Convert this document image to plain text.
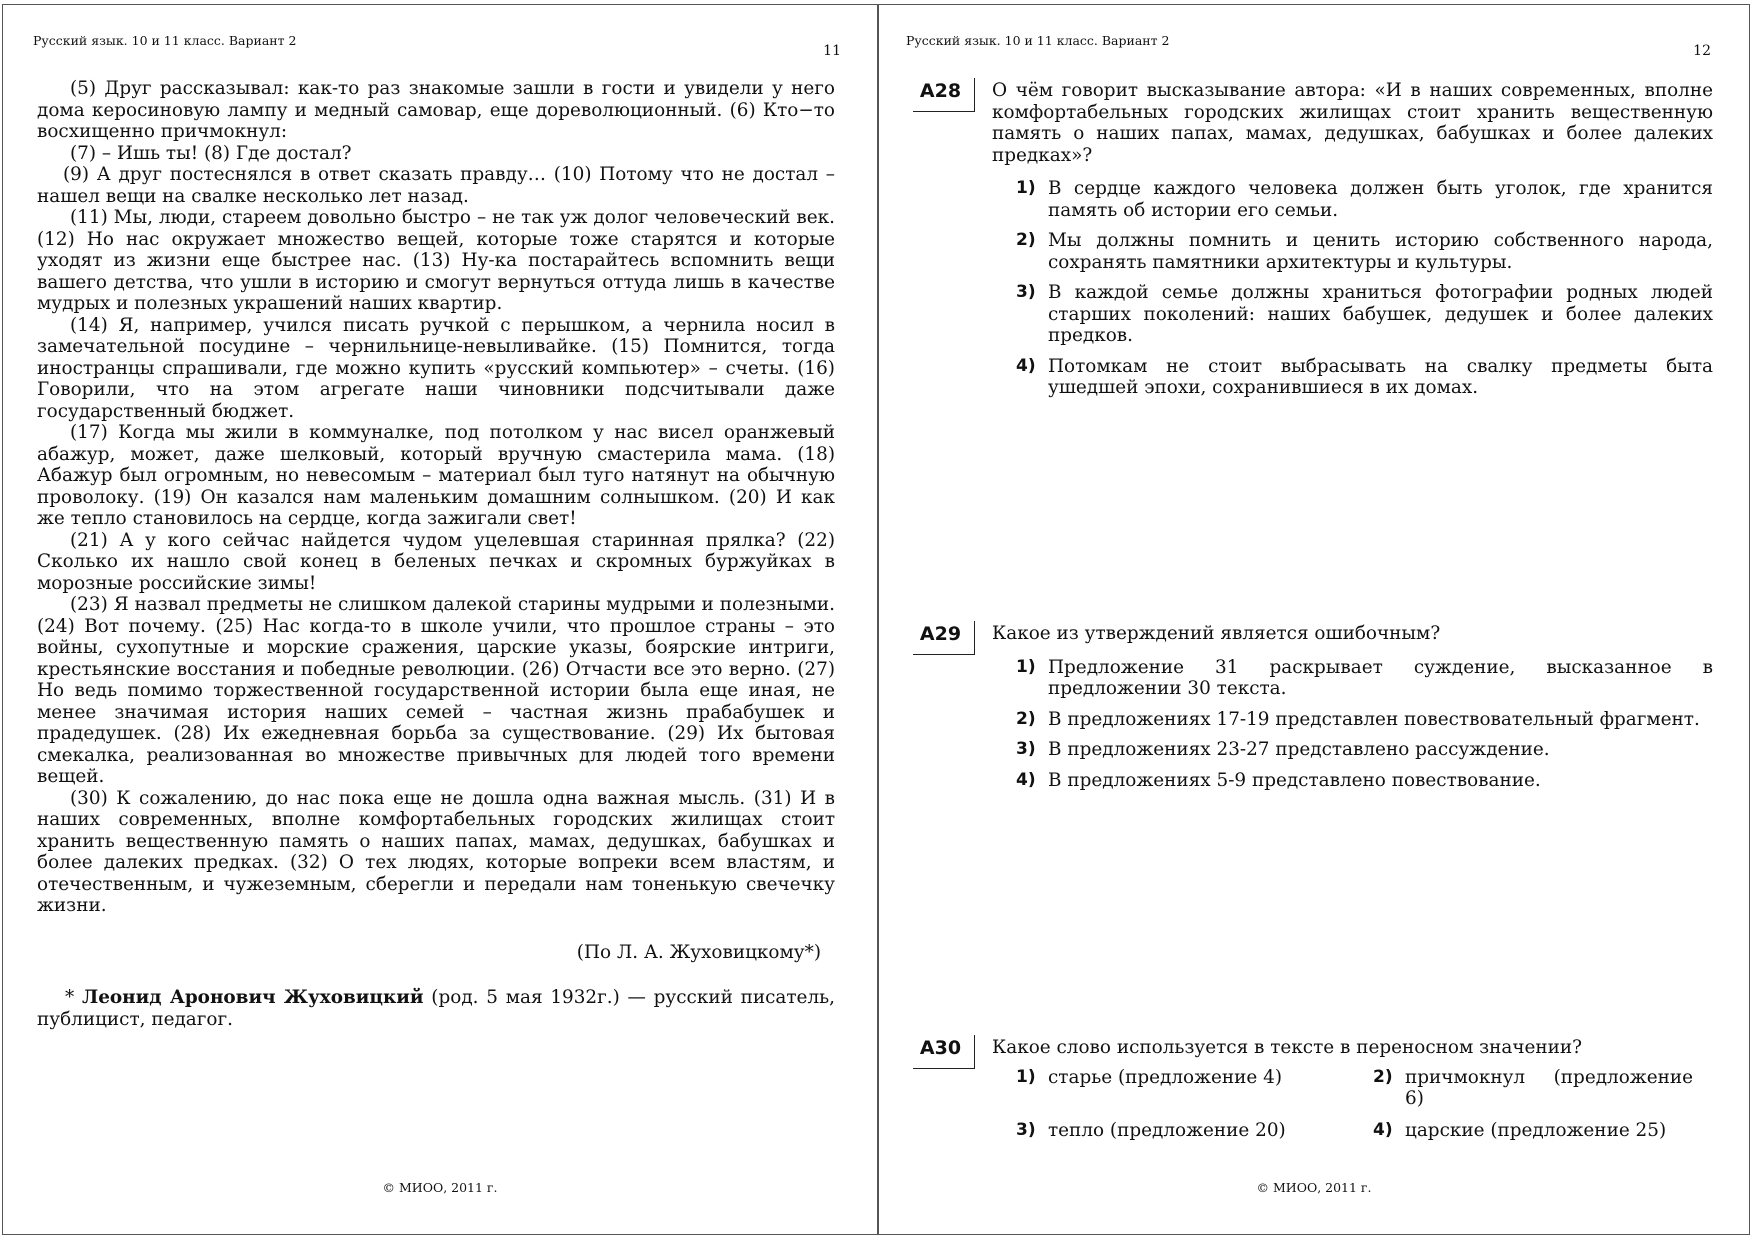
Русский язык. 10 и 11 класс. Вариант 2
11

(5) Друг рассказывал: как-то раз знакомые зашли в гости и увидели у него дома керосиновую лампу и медный самовар, еще дореволюционный. (6) Кто−то восхищенно причмокнул:

(7) – Ишь ты! (8) Где достал?

(9) А друг постеснялся в ответ сказать правду… (10) Потому что не достал – нашел вещи на свалке несколько лет назад.

(11) Мы, люди, стареем довольно быстро – не так уж долог человеческий век. (12) Но нас окружает множество вещей, которые тоже старятся и которые уходят из жизни еще быстрее нас. (13) Ну-ка постарайтесь вспомнить вещи вашего детства, что ушли в историю и смогут вернуться оттуда лишь в качестве мудрых и полезных украшений наших квартир.

(14) Я, например, учился писать ручкой с перышком, а чернила носил в замечательной посудине – чернильнице-невыливайке. (15) Помнится, тогда иностранцы спрашивали, где можно купить «русский компьютер» – счеты. (16) Говорили, что на этом агрегате наши чиновники подсчитывали даже государственный бюджет.

(17) Когда мы жили в коммуналке, под потолком у нас висел оранжевый абажур, может, даже шелковый, который вручную смастерила мама. (18) Абажур был огромным, но невесомым – материал был туго натянут на обычную проволоку. (19) Он казался нам маленьким домашним солнышком. (20) И как же тепло становилось на сердце, когда зажигали свет!

(21) А у кого сейчас найдется чудом уцелевшая старинная прялка? (22) Сколько их нашло свой конец в беленых печках и скромных буржуйках в морозные российские зимы!

(23) Я назвал предметы не слишком далекой старины мудрыми и полезными. (24) Вот почему. (25) Нас когда-то в школе учили, что прошлое страны – это войны, сухопутные и морские сражения, царские указы, боярские интриги, крестьянские восстания и победные революции. (26) Отчасти все это верно. (27) Но ведь помимо торжественной государственной истории была еще иная, не менее значимая история наших семей – частная жизнь прабабушек и прадедушек. (28) Их ежедневная борьба за существование. (29) Их бытовая смекалка, реализованная во множестве привычных для людей того времени вещей.

(30) К сожалению, до нас пока еще не дошла одна важная мысль. (31) И в наших современных, вполне комфортабельных городских жилищах стоит хранить вещественную память о наших папах, мамах, дедушках, бабушках и более далеких предках. (32) О тех людях, которые вопреки всем властям, и отечественным, и чужеземным, сберегли и передали нам тоненькую свечечку жизни.

(По Л. А. Жуховицкому*)
* Леонид Аронович Жуховицкий (род. 5 мая 1932г.) — русский писатель, публицист, педагог.
© МИОО, 2011 г.
Русский язык. 10 и 11 класс. Вариант 2
12
А28	О чём говорит высказывание автора: «И в наших современных, вполне комфортабельных городских жилищах стоит хранить вещественную память о наших папах, мамах, дедушках, бабушках и более далеких предках»?
1) В сердце каждого человека должен быть уголок, где хранится память об истории его семьи.
2) Мы должны помнить и ценить историю собственного народа, сохранять памятники архитектуры и культуры.
3) В каждой семье должны храниться фотографии родных людей старших поколений: наших бабушек, дедушек и более далеких предков.
4) Потомкам не стоит выбрасывать на свалку предметы быта ушедшей эпохи, сохранившиеся в их домах.
А29	Какое из утверждений является ошибочным?
1) Предложение 31 раскрывает суждение, высказанное в предложении 30 текста.
2) В предложениях 17-19 представлен повествовательный фрагмент.
3) В предложениях 23-27 представлено рассуждение.
4) В предложениях 5-9 представлено повествование.
А30	Какое слово используется в тексте в переносном значении?
1) старье (предложение 4)	2) причмокнул (предложение 6)
3) тепло (предложение 20)	4) царские (предложение 25)
© МИОО, 2011 г.
